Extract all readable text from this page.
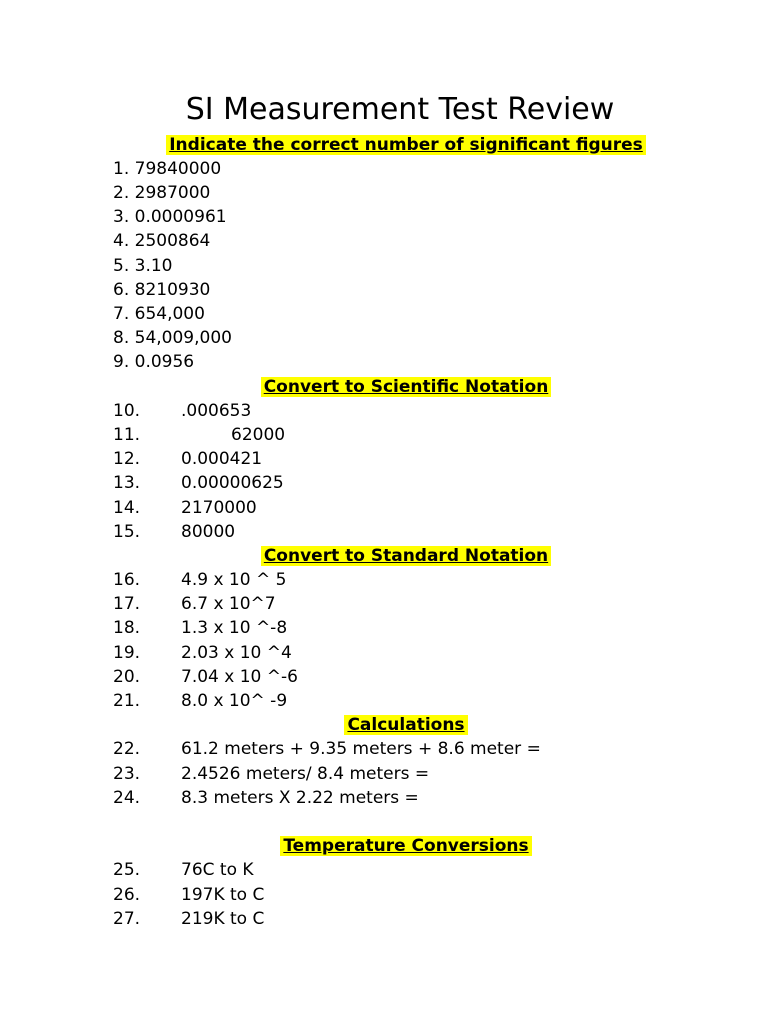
SI Measurement Test Review
Indicate the correct number of significant figures
1. 79840000
2. 2987000
3. 0.0000961
4. 2500864
5. 3.10
6. 8210930
7. 654,000
8. 54,009,000
9. 0.0956
Convert to Scientific Notation
10. .000653
11.	62000
12. 0.000421
13. 0.00000625
14. 2170000
15. 80000
Convert to Standard Notation
16. 4.9 x 10 ^ 5
17. 6.7 x 10^7
18. 1.3 x 10 ^-8
19. 2.03 x 10 ^4
20. 7.04 x 10 ^-6
21. 8.0 x 10^ -9
Calculations
22. 61.2 meters + 9.35 meters + 8.6 meter =
23. 2.4526 meters/ 8.4 meters =
24. 8.3 meters X 2.22 meters =
Temperature Conversions
25. 76C to K
26. 197K to C
27. 219K to C
